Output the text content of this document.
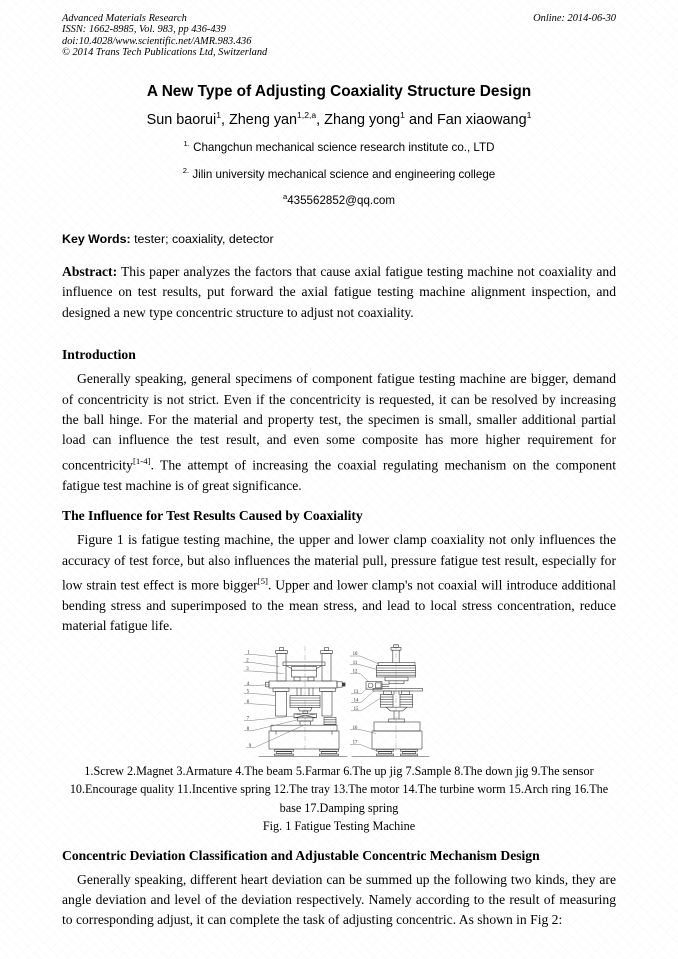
Advanced Materials Research
ISSN: 1662-8985, Vol. 983, pp 436-439
doi:10.4028/www.scientific.net/AMR.983.436
© 2014 Trans Tech Publications Ltd, Switzerland
Online: 2014-06-30
A New Type of Adjusting Coaxiality Structure Design
Sun baorui$^1$, Zheng yan$^{1,2,a}$, Zhang yong$^1$ and Fan xiaowang$^1$
$^{1.}$ Changchun mechanical science research institute co., LTD
$^{2.}$ Jilin university mechanical science and engineering college
$^a$435562852@qq.com

Key Words: tester; coaxiality, detector

Abstract: This paper analyzes the factors that cause axial fatigue testing machine not coaxiality and influence on test results, put forward the axial fatigue testing machine alignment inspection, and designed a new type concentric structure to adjust not coaxiality.

Introduction

Generally speaking, general specimens of component fatigue testing machine are bigger, demand of concentricity is not strict. Even if the concentricity is requested, it can be resolved by increasing the ball hinge. For the material and property test, the specimen is small, smaller additional partial load can influence the test result, and even some composite has more higher requirement for concentricity[1-4]. The attempt of increasing the coaxial regulating mechanism on the component fatigue test machine is of great significance.

The Influence for Test Results Caused by Coaxiality

Figure 1 is fatigue testing machine, the upper and lower clamp coaxiality not only influences the accuracy of test force, but also influences the material pull, pressure fatigue test result, especially for low strain test effect is more bigger[5]. Upper and lower clamp's not coaxial will introduce additional bending stress and superimposed to the mean stress, and lead to local stress concentration, reduce material fatigue life.

1
2
3
4
5
6
7
8
9
10
11
12
13
14
15
16
17
1.Screw 2.Magnet 3.Armature 4.The beam 5.Farmar 6.The up jig 7.Sample 8.The down jig 9.The sensor 10.Encourage quality 11.Incentive spring 12.The tray 13.The motor 14.The turbine worm 15.Arch ring 16.The base 17.Damping spring
Fig. 1 Fatigue Testing Machine
Concentric Deviation Classification and Adjustable Concentric Mechanism Design

Generally speaking, different heart deviation can be summed up the following two kinds, they are angle deviation and level of the deviation respectively. Namely according to the result of measuring to corresponding adjust, it can complete the task of adjusting concentric. As shown in Fig 2:
